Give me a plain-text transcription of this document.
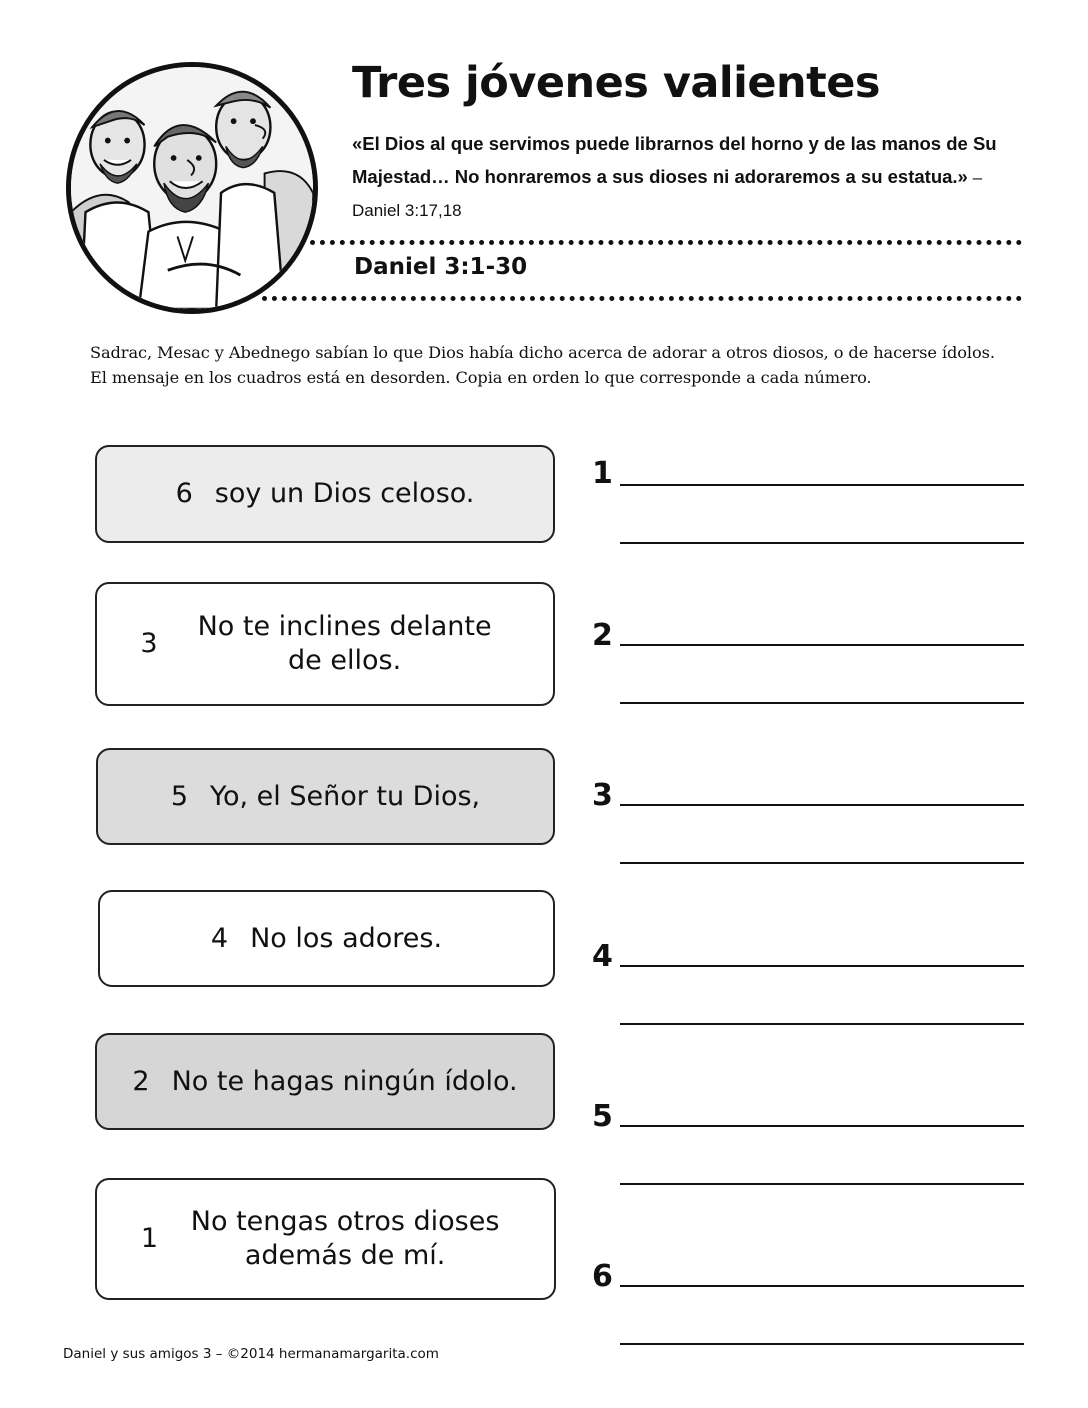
Tres jóvenes valientes
«El Dios al que servimos puede librarnos del horno y de las manos de Su Majestad… No honraremos a sus dioses ni adoraremos a su estatua.» –Daniel 3:17,18
Daniel 3:1-30
Sadrac, Mesac y Abednego sabían lo que Dios había dicho acerca de adorar a otros diosos, o de hacerse ídolos.
El mensaje en los cuadros está en desorden. Copia en orden lo que corresponde a cada número.
6 soy un Dios celoso.
3
No te inclines delante de ellos.
5 Yo, el Señor tu Dios,
4 No los adores.
2 No te hagas ningún ídolo.
1
No tengas otros dioses además de mí.
1
2
3
4
5
6
Daniel y sus amigos 3 – ©2014 hermanamargarita.com
